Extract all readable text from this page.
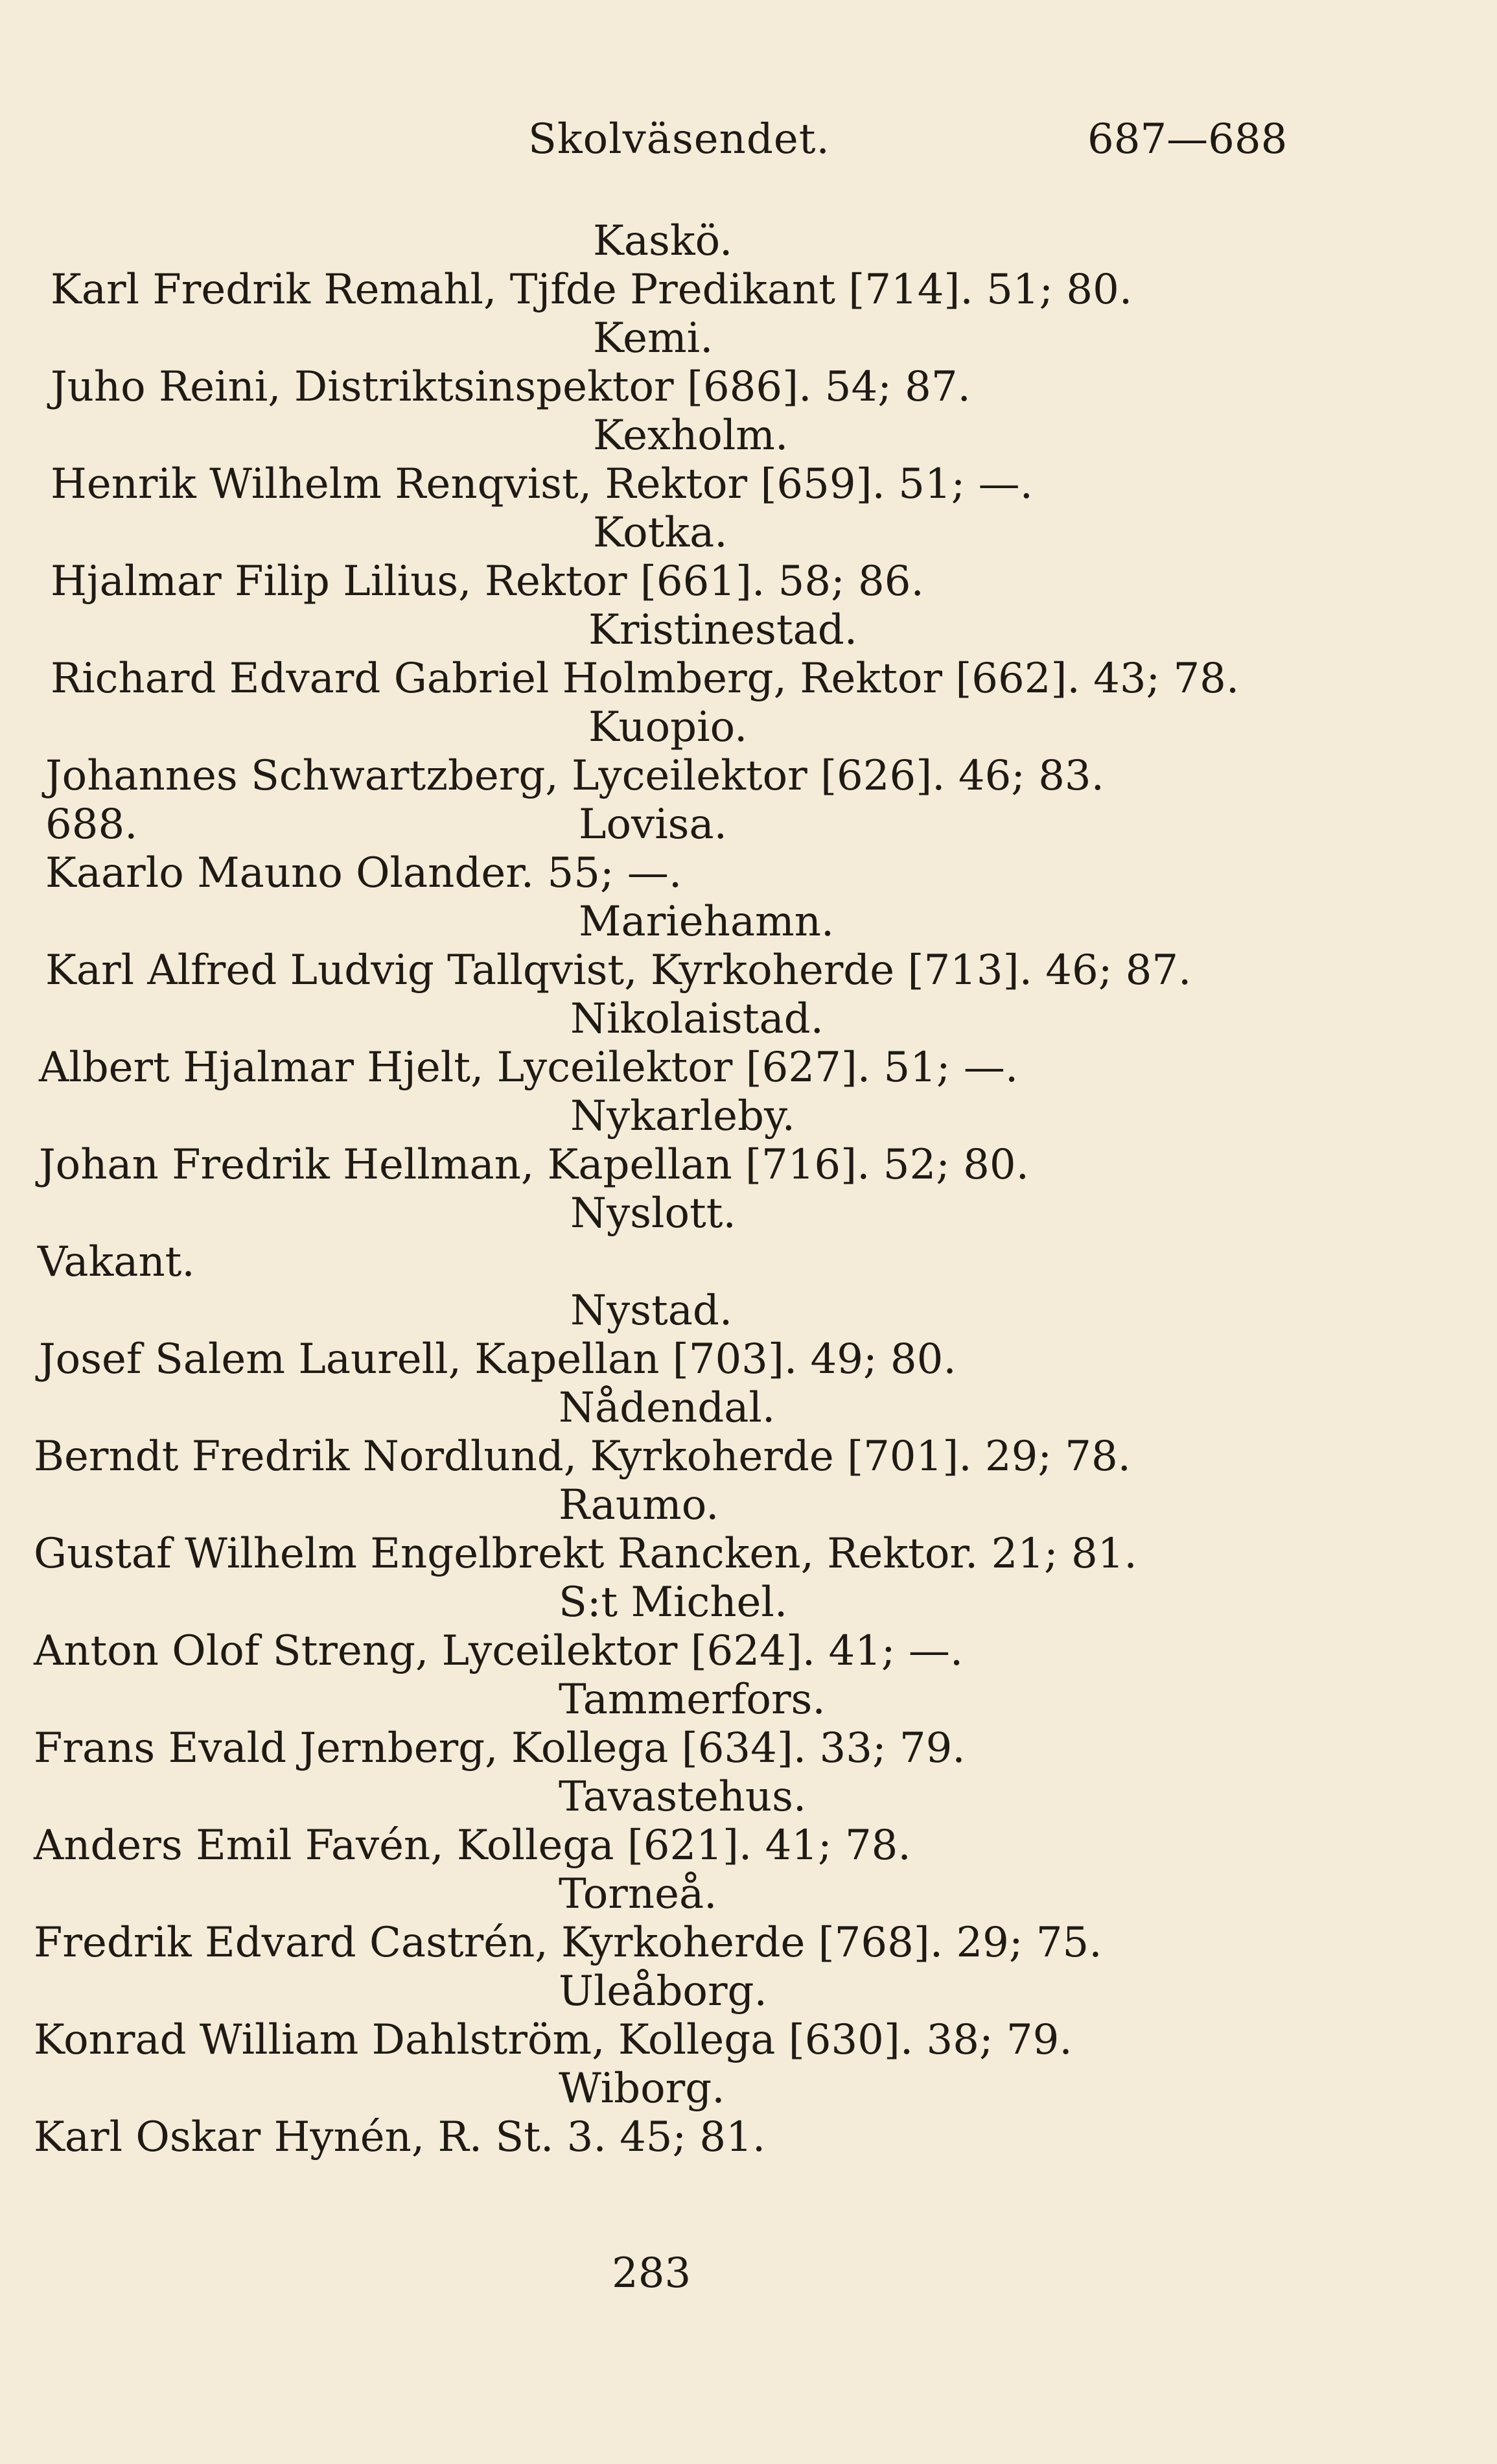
Skolväsendet.	687—688
Kaskö.
Karl Fredrik Remahl, Tjfde Predikant [714]. 51; 80.
Kemi.
Juho Reini, Distriktsinspektor [686]. 54; 87.
Kexholm.
Henrik Wilhelm Renqvist, Rektor [659]. 51; —.
Kotka.
Hjalmar Filip Lilius, Rektor [661]. 58; 86.
Kristinestad.
Richard Edvard Gabriel Holmberg, Rektor [662]. 43; 78.
Kuopio.
Johannes Schwartzberg, Lyceilektor [626]. 46; 83.
688.	Lovisa.
Kaarlo Mauno Olander. 55; —.
Mariehamn.
Karl Alfred Ludvig Tallqvist, Kyrkoherde [713]. 46; 87.
Nikolaistad.
Albert Hjalmar Hjelt, Lyceilektor [627]. 51; —.
Nykarleby.
Johan Fredrik Hellman, Kapellan [716]. 52; 80.
Nyslott.
Vakant.
Nystad.
Josef Salem Laurell, Kapellan [703]. 49; 80.
Nådendal.
Berndt Fredrik Nordlund, Kyrkoherde [701]. 29; 78.
Raumo.
Gustaf Wilhelm Engelbrekt Rancken, Rektor. 21; 81.
S:t Michel.
Anton Olof Streng, Lyceilektor [624]. 41; —.
Tammerfors.
Frans Evald Jernberg, Kollega [634]. 33; 79.
Tavastehus.
Anders Emil Favén, Kollega [621]. 41; 78.
Torneå.
Fredrik Edvard Castrén, Kyrkoherde [768]. 29; 75.
Uleåborg.
Konrad William Dahlström, Kollega [630]. 38; 79.
Wiborg.
Karl Oskar Hynén, R. St. 3. 45; 81.
283
